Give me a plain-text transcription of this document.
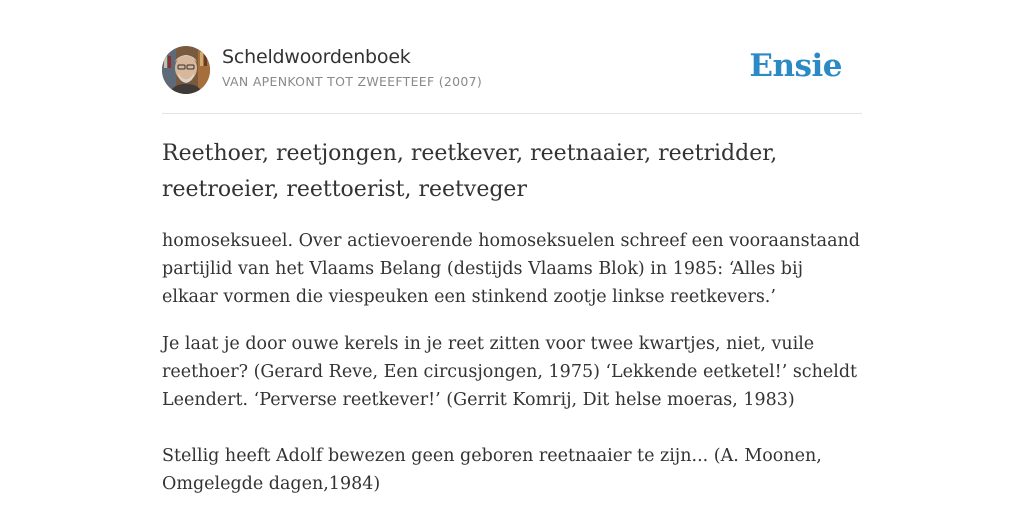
Scheldwoordenboek
VAN APENKONT TOT ZWEEFTEEF (2007)	Ensie
Reethoer, reetjongen, reetkever, reetnaaier, reetridder, reetroeier, reettoerist, reetveger

homoseksueel. Over actievoerende homoseksuelen schreef een vooraanstaand partijlid van het Vlaams Belang (destijds Vlaams Blok) in 1985: ‘Alles bij elkaar vormen die viespeuken een stinkend zootje linkse reetkevers.’

Je laat je door ouwe kerels in je reet zitten voor twee kwartjes, niet, vuile reethoer? (Gerard Reve, Een circusjongen, 1975) ‘Lekkende eetketel!’ scheldt Leendert. ‘Perverse reetkever!’ (Gerrit Komrij, Dit helse moeras, 1983)

Stellig heeft Adolf bewezen geen geboren reetnaaier te zijn... (A. Moonen, Omgelegde dagen,1984)
